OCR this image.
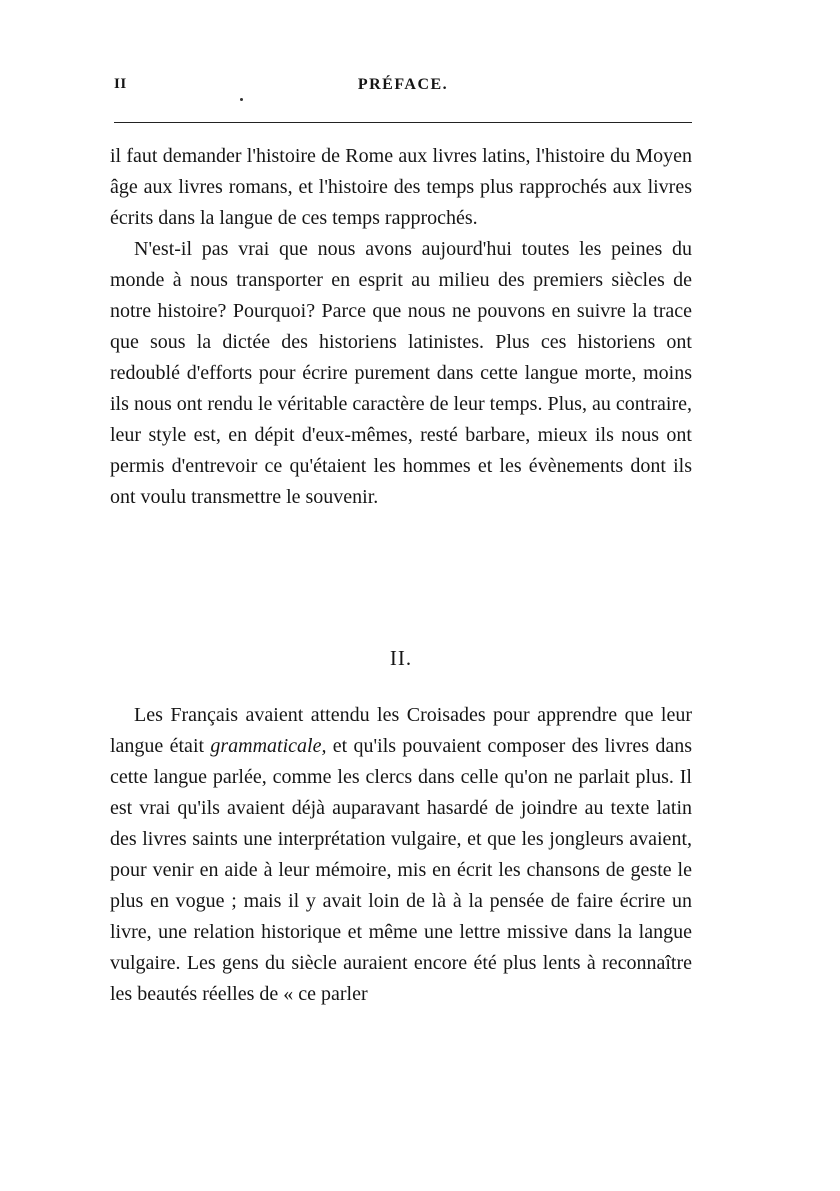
II	PRÉFACE.

il faut demander l'histoire de Rome aux livres latins, l'histoire du Moyen âge aux livres romans, et l'histoire des temps plus rapprochés aux livres écrits dans la langue de ces temps rapprochés.

N'est-il pas vrai que nous avons aujourd'hui toutes les peines du monde à nous transporter en esprit au milieu des premiers siècles de notre histoire? Pourquoi? Parce que nous ne pouvons en suivre la trace que sous la dictée des historiens latinistes. Plus ces historiens ont redoublé d'efforts pour écrire purement dans cette langue morte, moins ils nous ont rendu le véritable caractère de leur temps. Plus, au contraire, leur style est, en dépit d'eux-mêmes, resté barbare, mieux ils nous ont permis d'entrevoir ce qu'étaient les hommes et les évènements dont ils ont voulu transmettre le souvenir.

II.

Les Français avaient attendu les Croisades pour apprendre que leur langue était grammaticale, et qu'ils pouvaient composer des livres dans cette langue parlée, comme les clercs dans celle qu'on ne parlait plus. Il est vrai qu'ils avaient déjà auparavant hasardé de joindre au texte latin des livres saints une interprétation vulgaire, et que les jongleurs avaient, pour venir en aide à leur mémoire, mis en écrit les chansons de geste le plus en vogue ; mais il y avait loin de là à la pensée de faire écrire un livre, une relation historique et même une lettre missive dans la langue vulgaire. Les gens du siècle auraient encore été plus lents à reconnaître les beautés réelles de « ce parler
